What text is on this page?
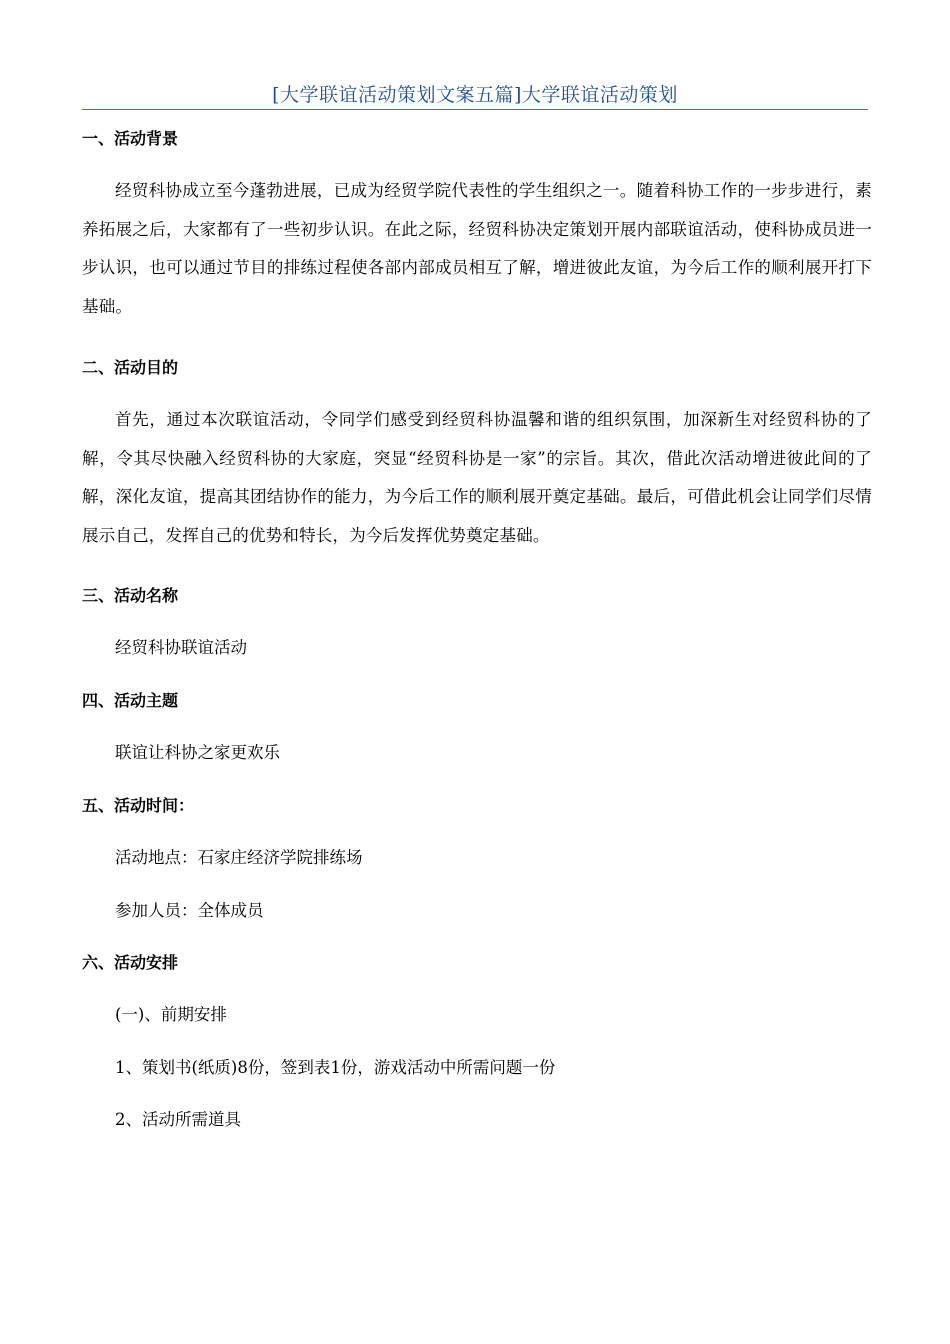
[大学联谊活动策划文案五篇]大学联谊活动策划
一、活动背景
经贸科协成立至今蓬勃进展，已成为经贸学院代表性的学生组织之一。随着科协工作的一步步进行，素养拓展之后，大家都有了一些初步认识。在此之际，经贸科协决定策划开展内部联谊活动，使科协成员进一步认识，也可以通过节目的排练过程使各部内部成员相互了解，增进彼此友谊，为今后工作的顺利展开打下基础。
二、活动目的
首先，通过本次联谊活动，令同学们感受到经贸科协温馨和谐的组织氛围，加深新生对经贸科协的了解，令其尽快融入经贸科协的大家庭，突显“经贸科协是一家”的宗旨。其次，借此次活动增进彼此间的了解，深化友谊，提高其团结协作的能力，为今后工作的顺利展开奠定基础。最后，可借此机会让同学们尽情展示自己，发挥自己的优势和特长，为今后发挥优势奠定基础。
三、活动名称
经贸科协联谊活动
四、活动主题
联谊让科协之家更欢乐
五、活动时间：
活动地点：石家庄经济学院排练场
参加人员：全体成员
六、活动安排
(一)、前期安排
1、策划书(纸质)8份，签到表1份，游戏活动中所需问题一份
2、活动所需道具
